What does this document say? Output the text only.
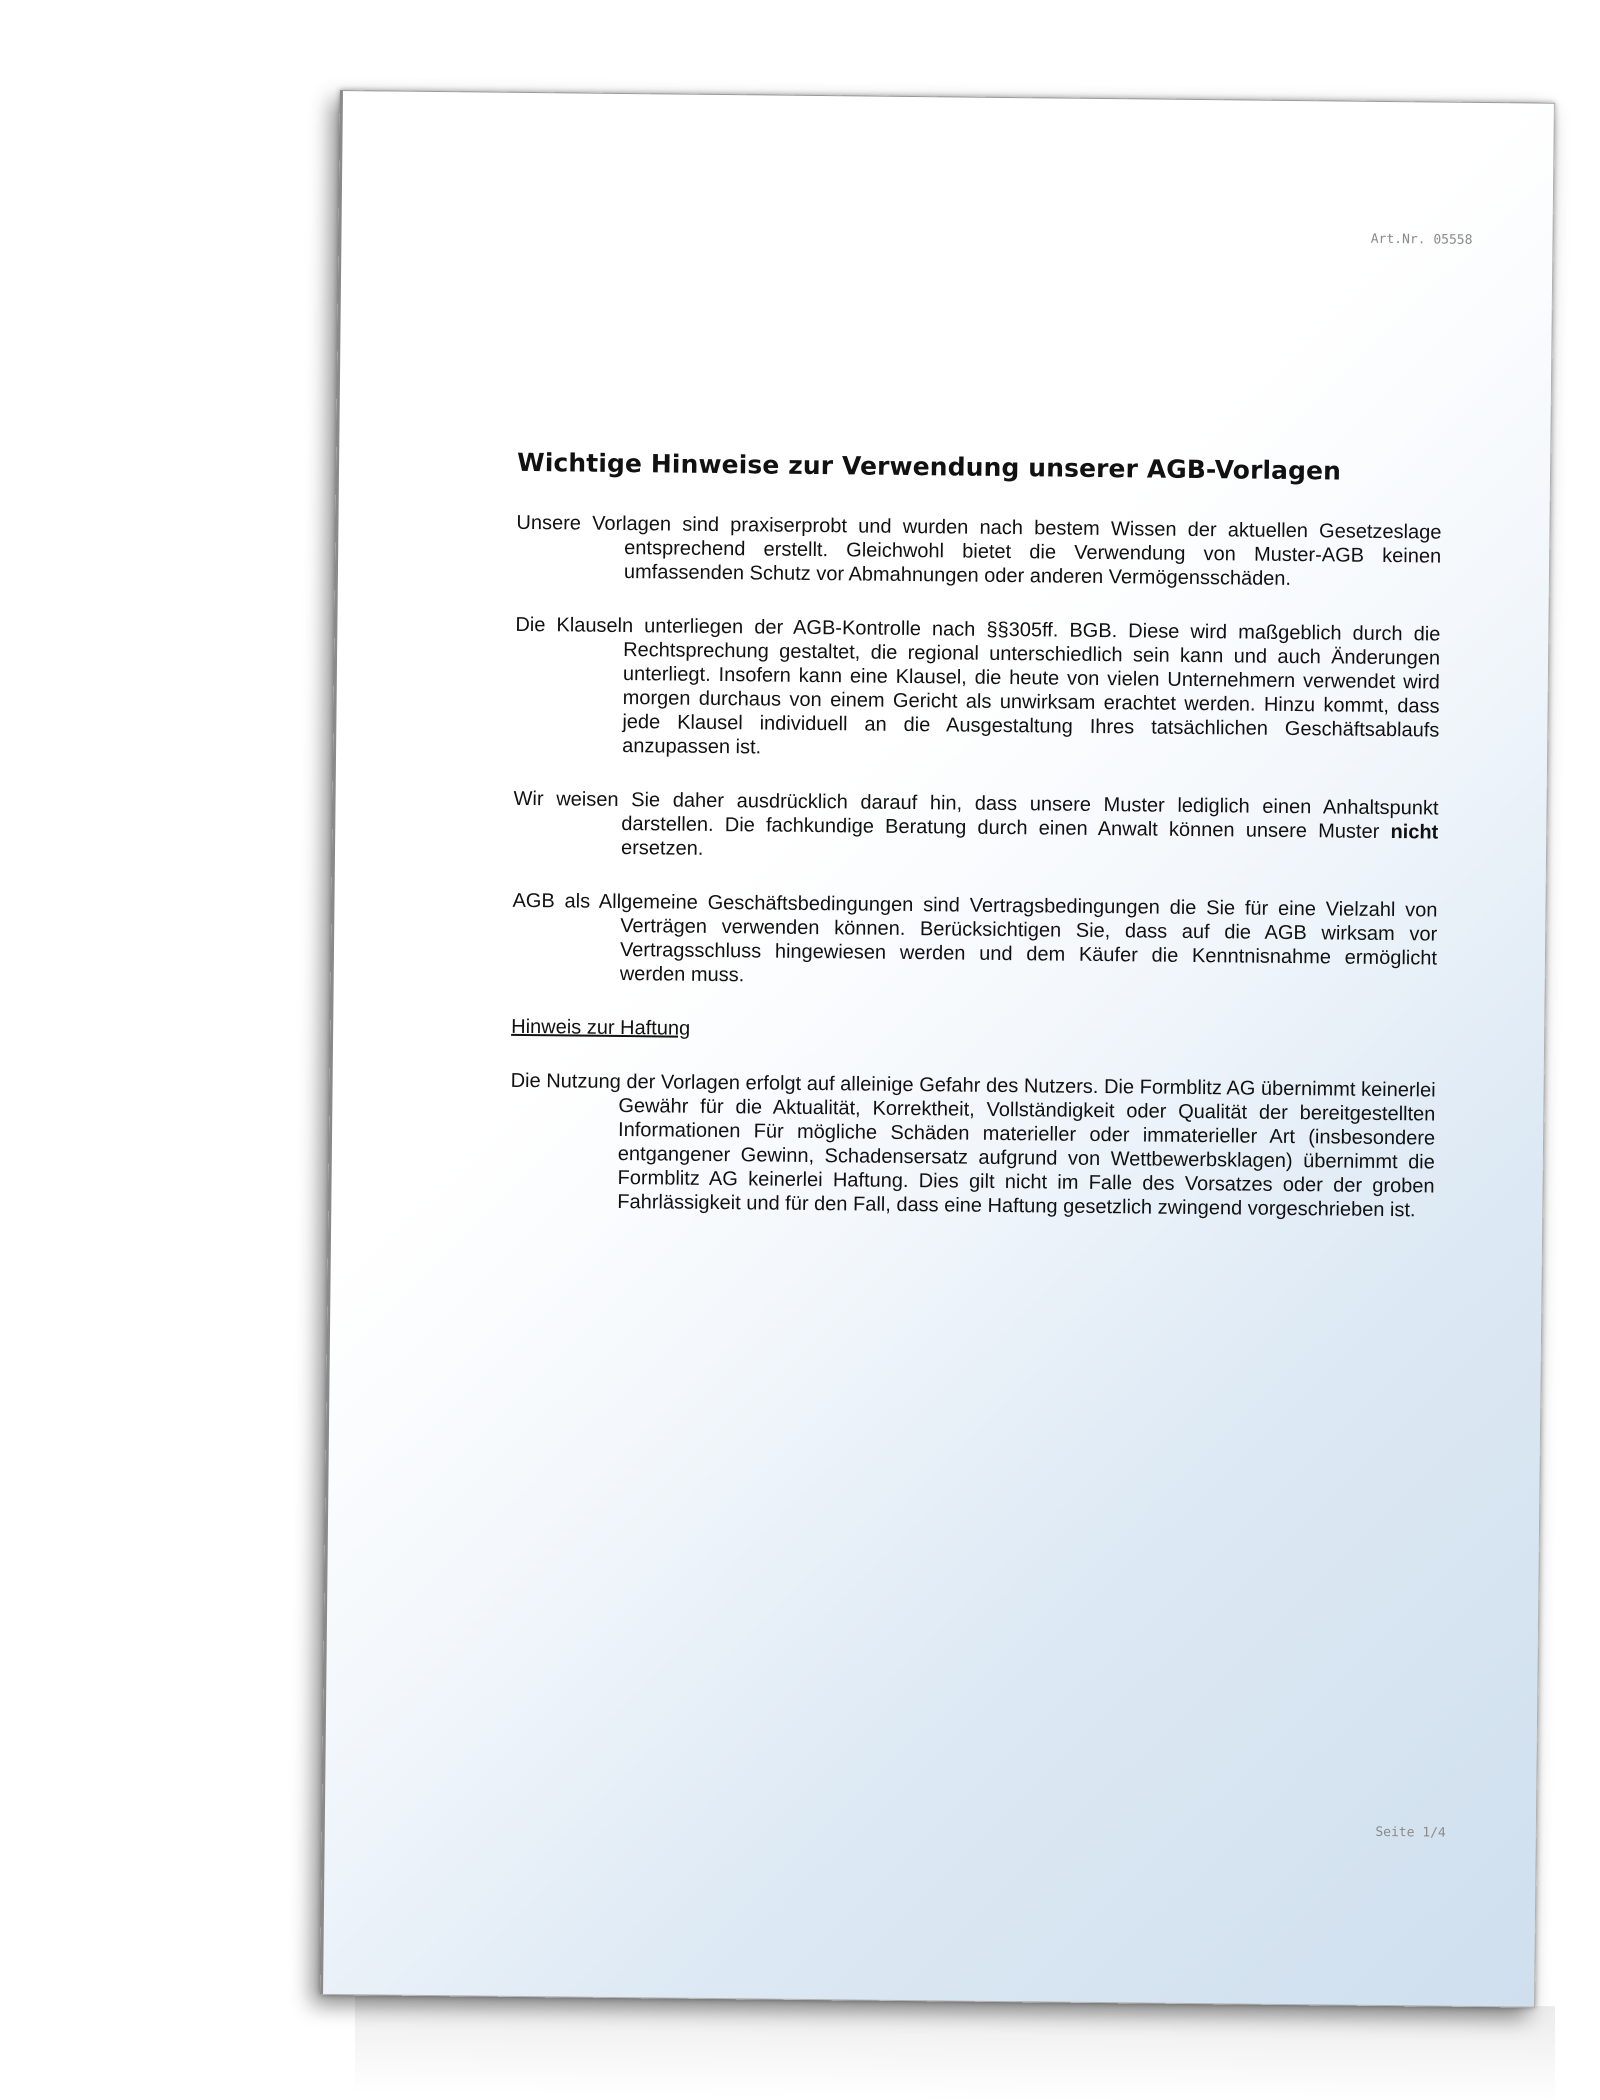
Art.Nr. 05558
Wichtige Hinweise zur Verwendung unserer AGB-Vorlagen

Unsere Vorlagen sind praxiserprobt und wurden nach bestem Wissen der aktuellen Gesetzeslage entsprechend erstellt. Gleichwohl bietet die Verwendung von Muster-AGB keinen umfassenden Schutz vor Abmahnungen oder anderen Vermögensschäden.

Die Klauseln unterliegen der AGB-Kontrolle nach §§305ff. BGB. Diese wird maßgeblich durch die Rechtsprechung gestaltet, die regional unterschiedlich sein kann und auch Änderungen unterliegt. Insofern kann eine Klausel, die heute von vielen Unternehmern verwendet wird morgen durchaus von einem Gericht als unwirksam erachtet werden. Hinzu kommt, dass jede Klausel individuell an die Ausgestaltung Ihres tatsächlichen Geschäftsablaufs anzupassen ist.

Wir weisen Sie daher ausdrücklich darauf hin, dass unsere Muster lediglich einen Anhaltspunkt darstellen. Die fachkundige Beratung durch einen Anwalt können unsere Muster nicht ersetzen.

AGB als Allgemeine Geschäftsbedingungen sind Vertragsbedingungen die Sie für eine Vielzahl von Verträgen verwenden können. Berücksichtigen Sie, dass auf die AGB wirksam vor Vertragsschluss hingewiesen werden und dem Käufer die Kenntnisnahme ermöglicht werden muss.

Hinweis zur Haftung

Die Nutzung der Vorlagen erfolgt auf alleinige Gefahr des Nutzers. Die Formblitz AG übernimmt keinerlei Gewähr für die Aktualität, Korrektheit, Vollständigkeit oder Qualität der bereitgestellten Informationen Für mögliche Schäden materieller oder immaterieller Art (insbesondere entgangener Gewinn, Schadensersatz aufgrund von Wettbewerbsklagen) übernimmt die Formblitz AG keinerlei Haftung. Dies gilt nicht im Falle des Vorsatzes oder der groben Fahrlässigkeit und für den Fall, dass eine Haftung gesetzlich zwingend vorgeschrieben ist.

Seite 1/4
